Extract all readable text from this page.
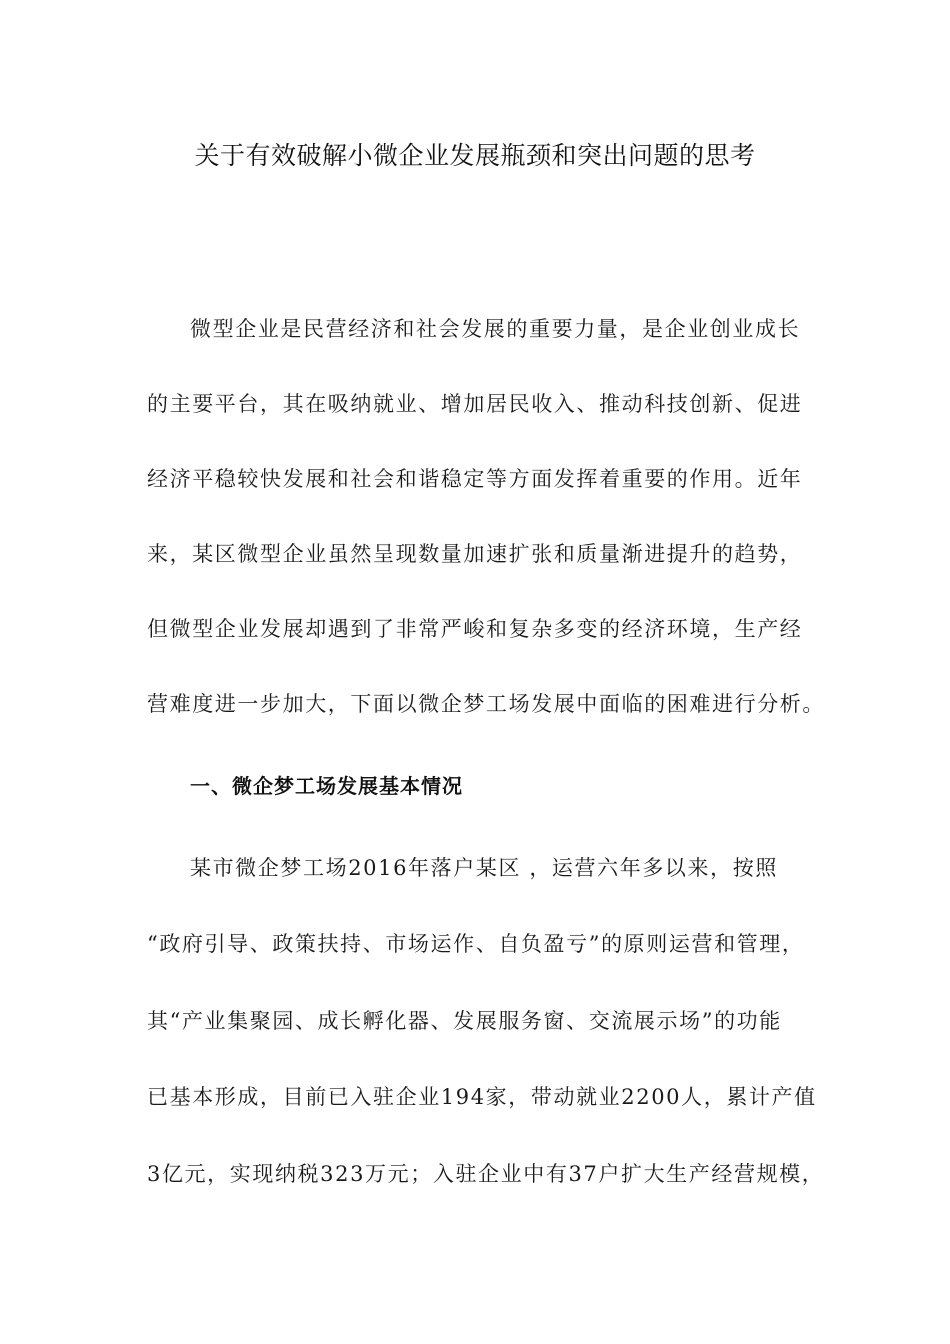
关于有效破解小微企业发展瓶颈和突出问题的思考
微型企业是民营经济和社会发展的重要力量，是企业创业成长
的主要平台，其在吸纳就业、增加居民收入、推动科技创新、促进
经济平稳较快发展和社会和谐稳定等方面发挥着重要的作用。近年
来，某区微型企业虽然呈现数量加速扩张和质量渐进提升的趋势，
但微型企业发展却遇到了非常严峻和复杂多变的经济环境，生产经
营难度进一步加大，下面以微企梦工场发展中面临的困难进行分析。
一、微企梦工场发展基本情况
某市微企梦工场2016年落户某区 ，运营六年多以来，按照
“政府引导、政策扶持、市场运作、自负盈亏”的原则运营和管理，
其“产业集聚园、成长孵化器、发展服务窗、交流展示场”的功能
已基本形成，目前已入驻企业194家，带动就业2200人，累计产值
3亿元，实现纳税323万元；入驻企业中有37户扩大生产经营规模，
